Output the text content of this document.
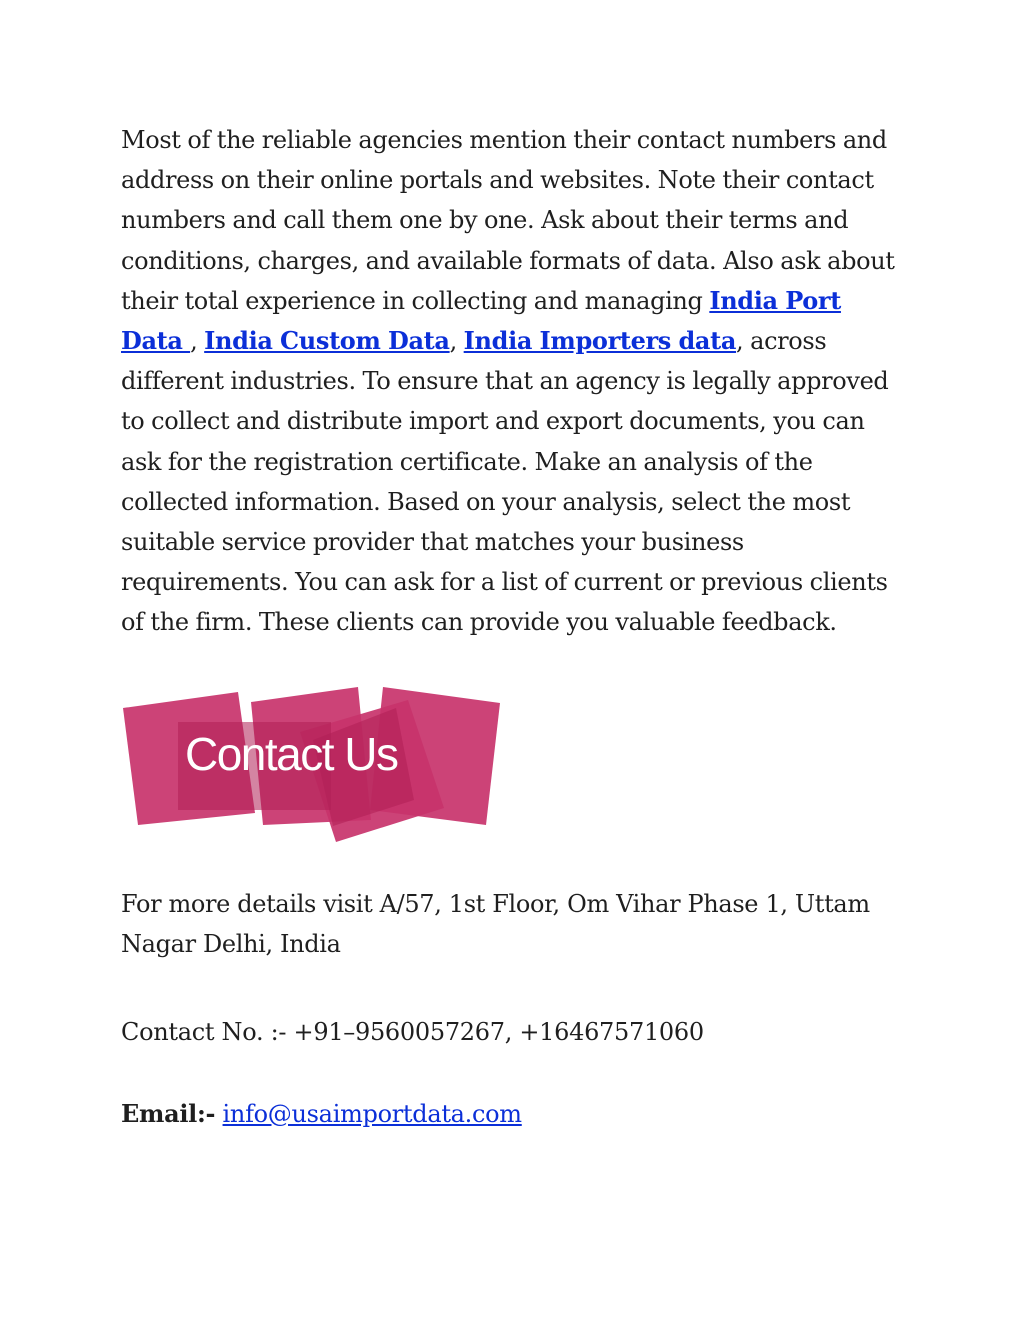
Most of the reliable agencies mention their contact numbers and address on their online portals and websites. Note their contact numbers and call them one by one. Ask about their terms and conditions, charges, and available formats of data. Also ask about their total experience in collecting and managing India Port Data , India Custom Data, India Importers data, across different industries. To ensure that an agency is legally approved to collect and distribute import and export documents, you can ask for the registration certificate. Make an analysis of the collected information. Based on your analysis, select the most suitable service provider that matches your business requirements. You can ask for a list of current or previous clients of the firm. These clients can provide you valuable feedback.

Contact Us

For more details visit A/57, 1st Floor, Om Vihar Phase 1, Uttam Nagar Delhi, India

Contact No. :- +91–9560057267, +16467571060

Email:- info@usaimportdata.com
